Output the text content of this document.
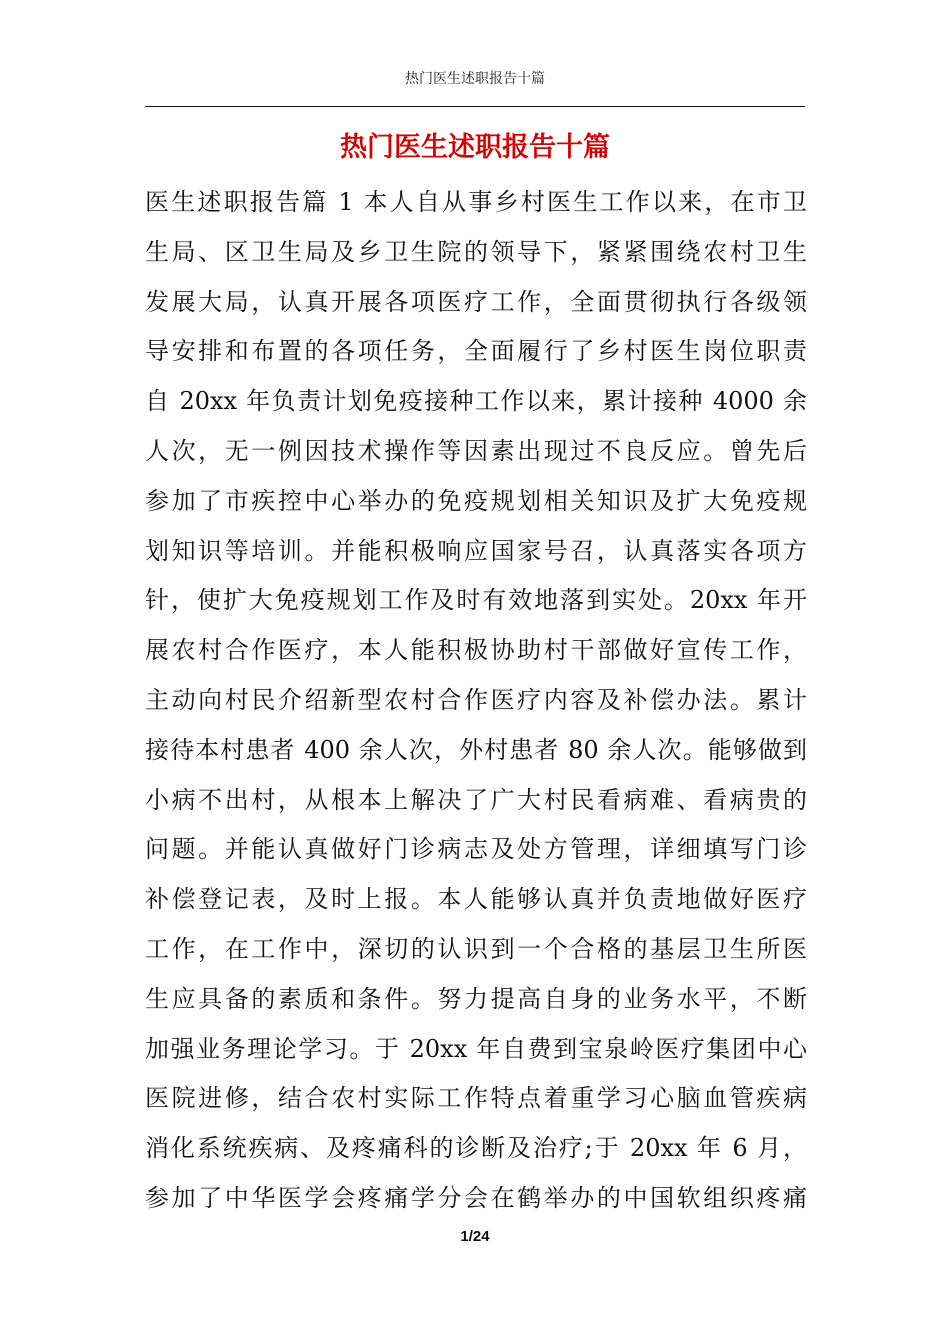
热门医生述职报告十篇
热门医生述职报告十篇
医生述职报告篇 1 本人自从事乡村医生工作以来，在市卫
生局、区卫生局及乡卫生院的领导下，紧紧围绕农村卫生
发展大局，认真开展各项医疗工作，全面贯彻执行各级领
导安排和布置的各项任务，全面履行了乡村医生岗位职责
自 20xx 年负责计划免疫接种工作以来，累计接种 4000 余
人次，无一例因技术操作等因素出现过不良反应。曾先后
参加了市疾控中心举办的免疫规划相关知识及扩大免疫规
划知识等培训。并能积极响应国家号召，认真落实各项方
针，使扩大免疫规划工作及时有效地落到实处。20xx 年开
展农村合作医疗，本人能积极协助村干部做好宣传工作，
主动向村民介绍新型农村合作医疗内容及补偿办法。累计
接待本村患者 400 余人次，外村患者 80 余人次。能够做到
小病不出村，从根本上解决了广大村民看病难、看病贵的
问题。并能认真做好门诊病志及处方管理，详细填写门诊
补偿登记表，及时上报。本人能够认真并负责地做好医疗
工作，在工作中，深切的认识到一个合格的基层卫生所医
生应具备的素质和条件。努力提高自身的业务水平，不断
加强业务理论学习。于 20xx 年自费到宝泉岭医疗集团中心
医院进修，结合农村实际工作特点着重学习心脑血管疾病
消化系统疾病、及疼痛科的诊断及治疗;于 20xx 年 6 月，
参加了中华医学会疼痛学分会在鹤举办的中国软组织疼痛
1/24
